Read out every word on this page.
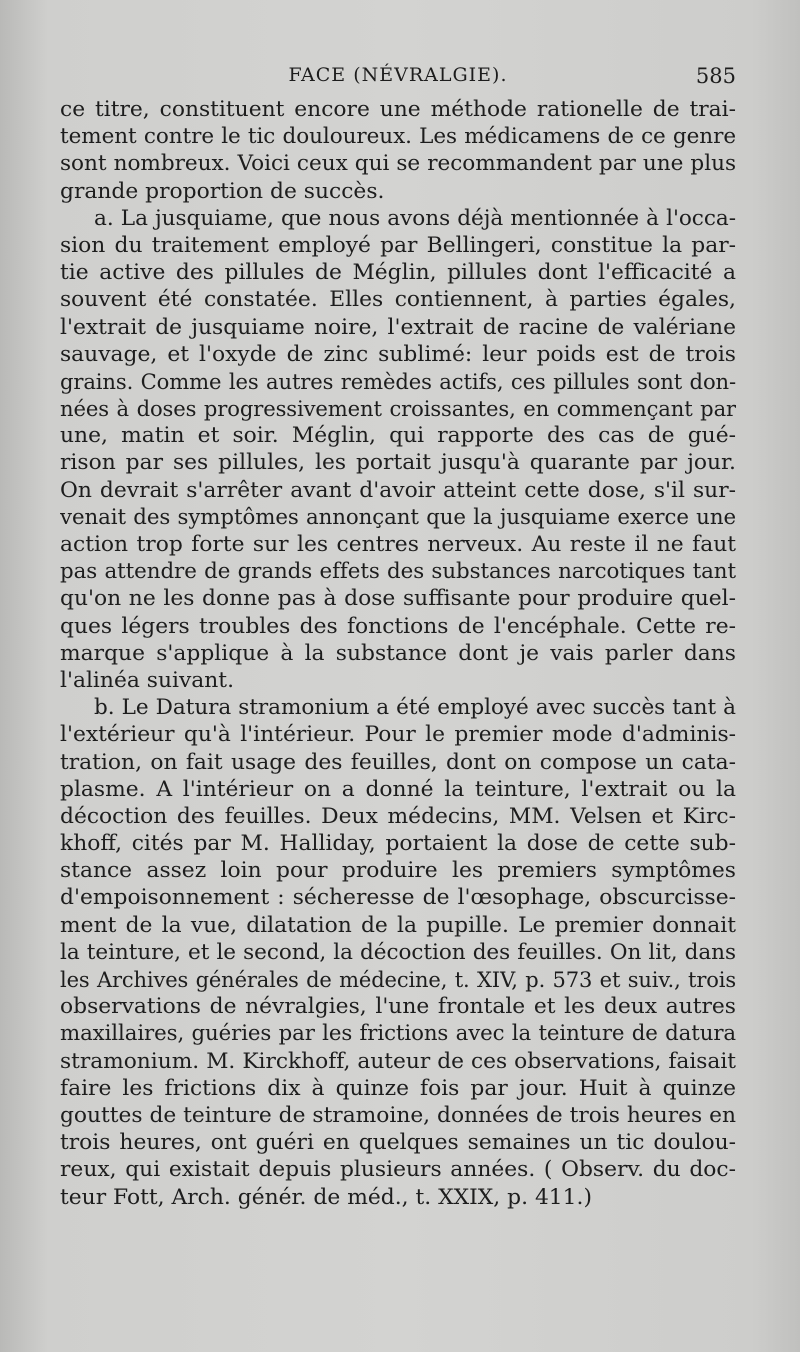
FACE (NÉVRALGIE).	585
ce titre, constituent encore une méthode rationelle de trai-
tement contre le tic douloureux. Les médicamens de ce genre
sont nombreux. Voici ceux qui se recommandent par une plus
grande proportion de succès.
a. La jusquiame, que nous avons déjà mentionnée à l'occa-
sion du traitement employé par Bellingeri, constitue la par-
tie active des pillules de Méglin, pillules dont l'efficacité a
souvent été constatée. Elles contiennent, à parties égales,
l'extrait de jusquiame noire, l'extrait de racine de valériane
sauvage, et l'oxyde de zinc sublimé: leur poids est de trois
grains. Comme les autres remèdes actifs, ces pillules sont don-
nées à doses progressivement croissantes, en commençant par
une, matin et soir. Méglin, qui rapporte des cas de gué-
rison par ses pillules, les portait jusqu'à quarante par jour.
On devrait s'arrêter avant d'avoir atteint cette dose, s'il sur-
venait des symptômes annonçant que la jusquiame exerce une
action trop forte sur les centres nerveux. Au reste il ne faut
pas attendre de grands effets des substances narcotiques tant
qu'on ne les donne pas à dose suffisante pour produire quel-
ques légers troubles des fonctions de l'encéphale. Cette re-
marque s'applique à la substance dont je vais parler dans
l'alinéa suivant.
b. Le Datura stramonium a été employé avec succès tant à
l'extérieur qu'à l'intérieur. Pour le premier mode d'adminis-
tration, on fait usage des feuilles, dont on compose un cata-
plasme. A l'intérieur on a donné la teinture, l'extrait ou la
décoction des feuilles. Deux médecins, MM. Velsen et Kirc-
khoff, cités par M. Halliday, portaient la dose de cette sub-
stance assez loin pour produire les premiers symptômes
d'empoisonnement : sécheresse de l'œsophage, obscurcisse-
ment de la vue, dilatation de la pupille. Le premier donnait
la teinture, et le second, la décoction des feuilles. On lit, dans
les Archives générales de médecine, t. XIV, p. 573 et suiv., trois
observations de névralgies, l'une frontale et les deux autres
maxillaires, guéries par les frictions avec la teinture de datura
stramonium. M. Kirckhoff, auteur de ces observations, faisait
faire les frictions dix à quinze fois par jour. Huit à quinze
gouttes de teinture de stramoine, données de trois heures en
trois heures, ont guéri en quelques semaines un tic doulou-
reux, qui existait depuis plusieurs années. ( Observ. du doc-
teur Fott, Arch. génér. de méd., t. XXIX, p. 411.)
